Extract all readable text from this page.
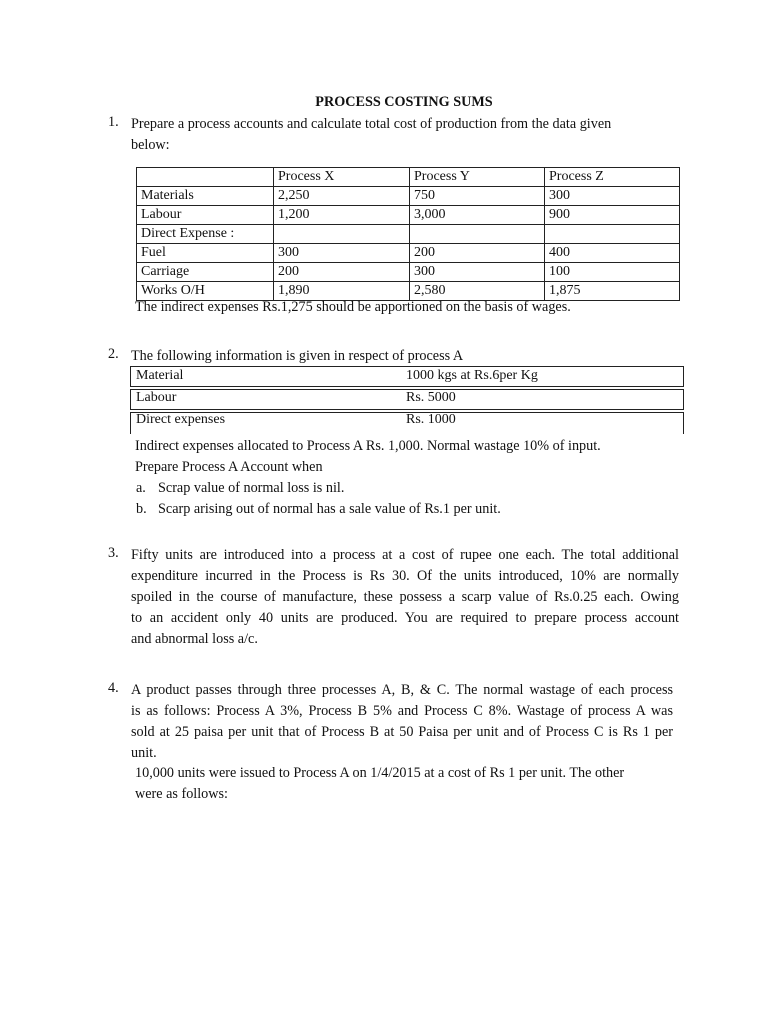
PROCESS COSTING SUMS
1. Prepare a process accounts and calculate total cost of production from the data given
below:
	Process X	Process Y	Process Z
Materials	2,250	750	300
Labour	1,200	3,000	900
Direct Expense :			
Fuel	300	200	400
Carriage	200	300	100
Works O/H	1,890	2,580	1,875
The indirect expenses Rs.1,275 should be apportioned on the basis of wages.
2. The following information is given in respect of process A
Material	1000 kgs at Rs.6per Kg
Labour	Rs. 5000
Direct expenses	Rs. 1000
Indirect expenses allocated to Process A Rs. 1,000. Normal wastage 10% of input.
Prepare Process A Account when
a. Scrap value of normal loss is nil.
b. Scarp arising out of normal has a sale value of Rs.1 per unit.
3. Fifty units are introduced into a process at a cost of rupee one each. The total additional
expenditure incurred in the Process is Rs 30. Of the units introduced, 10% are normally
spoiled in the course of manufacture, these possess a scarp value of Rs.0.25 each. Owing
to an accident only 40 units are produced. You are required to prepare process account
and abnormal loss a/c.
4. A product passes through three processes A, B, & C. The normal wastage of each process
is as follows: Process A 3%, Process B 5% and Process C 8%. Wastage of process A was
sold at 25 paisa per unit that of Process B at 50 Paisa per unit and of Process C is Rs 1 per
unit.
10,000 units were issued to Process A on 1/4/2015 at a cost of Rs 1 per unit. The other
were as follows:
